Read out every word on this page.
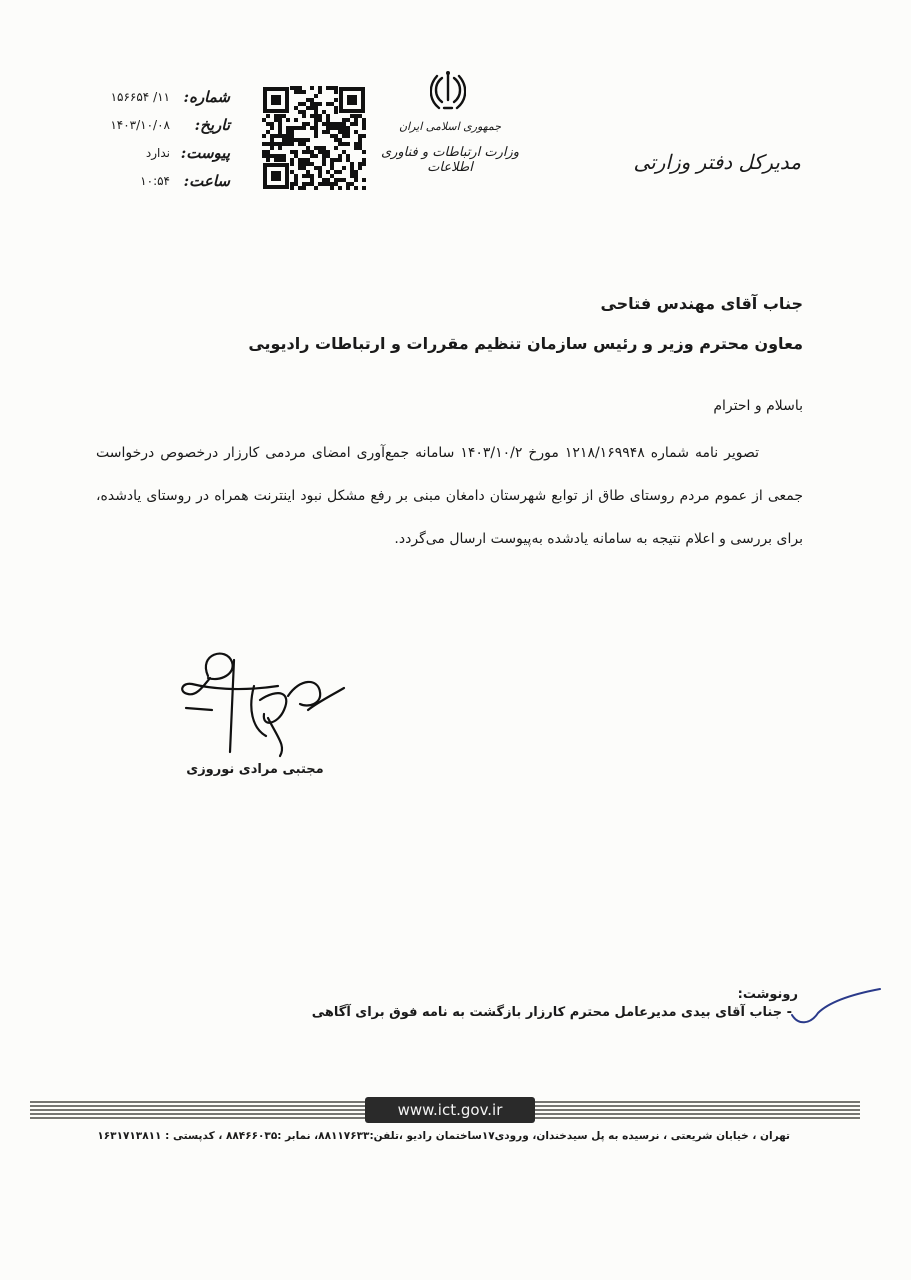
شماره:
۱۱/ ۱۵۶۶۵۴
تاریخ:
۱۴۰۳/۱۰/۰۸
پیوست:
ندارد
ساعت:
۱۰:۵۴
جمهوری اسلامی ایران
وزارت ارتباطات و فناوری اطلاعات	مدیرکل دفتر وزارتی
جناب آقای مهندس فتاحی
معاون محترم وزیر و رئیس سازمان تنظیم مقررات و ارتباطات رادیویی
باسلام و احترام
تصویر نامه شماره ۱۲۱۸/۱۶۹۹۴۸ مورخ ۱۴۰۳/۱۰/۲ سامانه جمع‌آوری امضای مردمی کارزار درخصوص درخواست جمعی از عموم مردم روستای طاق از توابع شهرستان دامغان مبنی بر رفع مشکل نبود اینترنت همراه در روستای یادشده، برای بررسی و اعلام نتیجه به سامانه یادشده به‌پیوست ارسال می‌گردد.
مجتبی مرادی نوروزی
رونوشت:
- جناب آقای بیدی مدیرعامل محترم کارزار بازگشت به نامه فوق برای آگاهی
www.ict.gov.ir
تهران ، خیابان شریعتی ، نرسیده به پل سیدخندان، ورودی۱۷ساختمان رادیو ،تلفن:۸۸۱۱۷۶۳۳، نمابر :۸۸۴۶۶۰۳۵ ، کدپستی : ۱۶۳۱۷۱۳۸۱۱
